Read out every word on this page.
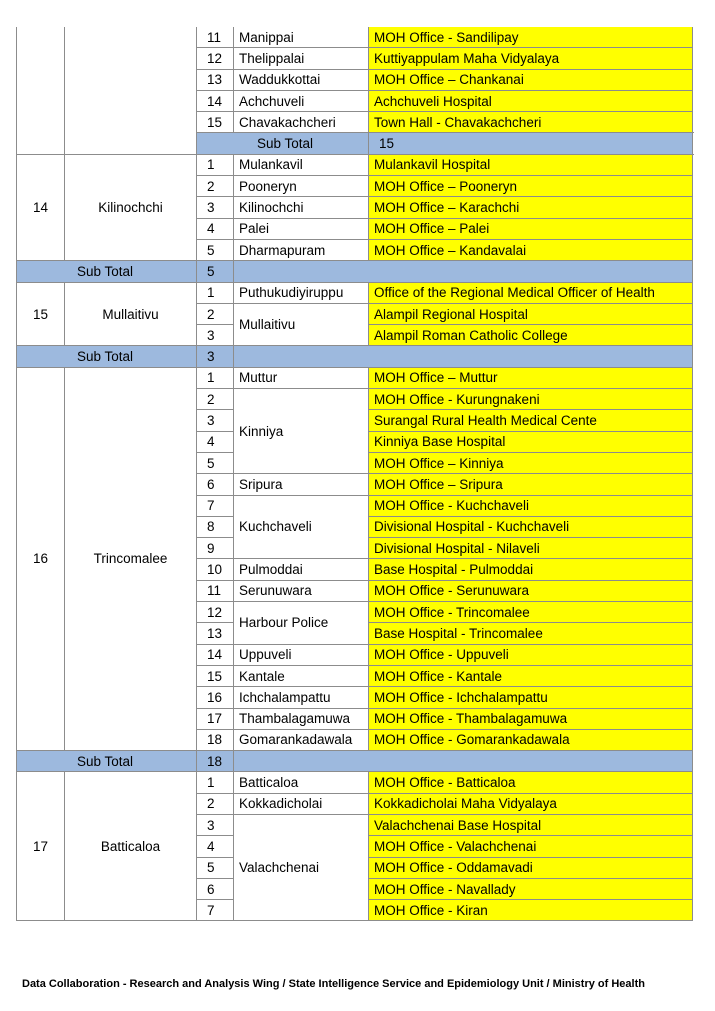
		11	Manippai	MOH Office - Sandilipay	
		12	Thelippalai	Kuttiyappulam Maha Vidyalaya	
		13	Waddukkottai	MOH Office – Chankanai	
		14	Achchuveli	Achchuveli Hospital	
		15	Chavakachcheri	Town Hall - Chavakachcheri	
		Sub Total		15	
14	Kilinochchi	1	Mulankavil	Mulankavil Hospital	
		2	Pooneryn	MOH Office – Pooneryn	
		3	Kilinochchi	MOH Office – Karachchi	
		4	Palei	MOH Office – Palei	
		5	Dharmapuram	MOH Office – Kandavalai	
Sub Total		5			
15	Mullaitivu	1	Puthukudiyiruppu	Office of the Regional Medical Officer of Health	
		2	Mullaitivu	Alampil Regional Hospital	
		3		Alampil Roman Catholic College	
Sub Total		3			
16	Trincomalee	1	Muttur	MOH Office – Muttur	
		2	Kinniya	MOH Office - Kurungnakeni	
		3		Surangal Rural Health Medical Cente	
		4		Kinniya Base Hospital	
		5		MOH Office – Kinniya	
		6	Sripura	MOH Office – Sripura	
		7	Kuchchaveli	MOH Office - Kuchchaveli	
		8		Divisional Hospital - Kuchchaveli	
		9		Divisional Hospital - Nilaveli	
		10	Pulmoddai	Base Hospital - Pulmoddai	
		11	Serunuwara	MOH Office - Serunuwara	
		12	Harbour Police	MOH Office - Trincomalee	
		13		Base Hospital - Trincomalee	
		14	Uppuveli	MOH Office - Uppuveli	
		15	Kantale	MOH Office - Kantale	
		16	Ichchalampattu	MOH Office - Ichchalampattu	
		17	Thambalagamuwa	MOH Office - Thambalagamuwa	
		18	Gomarankadawala	MOH Office - Gomarankadawala	
Sub Total		18			
17	Batticaloa	1	Batticaloa	MOH Office - Batticaloa	
		2	Kokkadicholai	Kokkadicholai Maha Vidyalaya	
		3	Valachchenai	Valachchenai Base Hospital	
		4		MOH Office - Valachchenai	
		5		MOH Office - Oddamavadi	
		6		MOH Office - Navallady	
		7		MOH Office - Kiran	
Data Collaboration - Research and Analysis Wing / State Intelligence Service and Epidemiology Unit / Ministry of Health
